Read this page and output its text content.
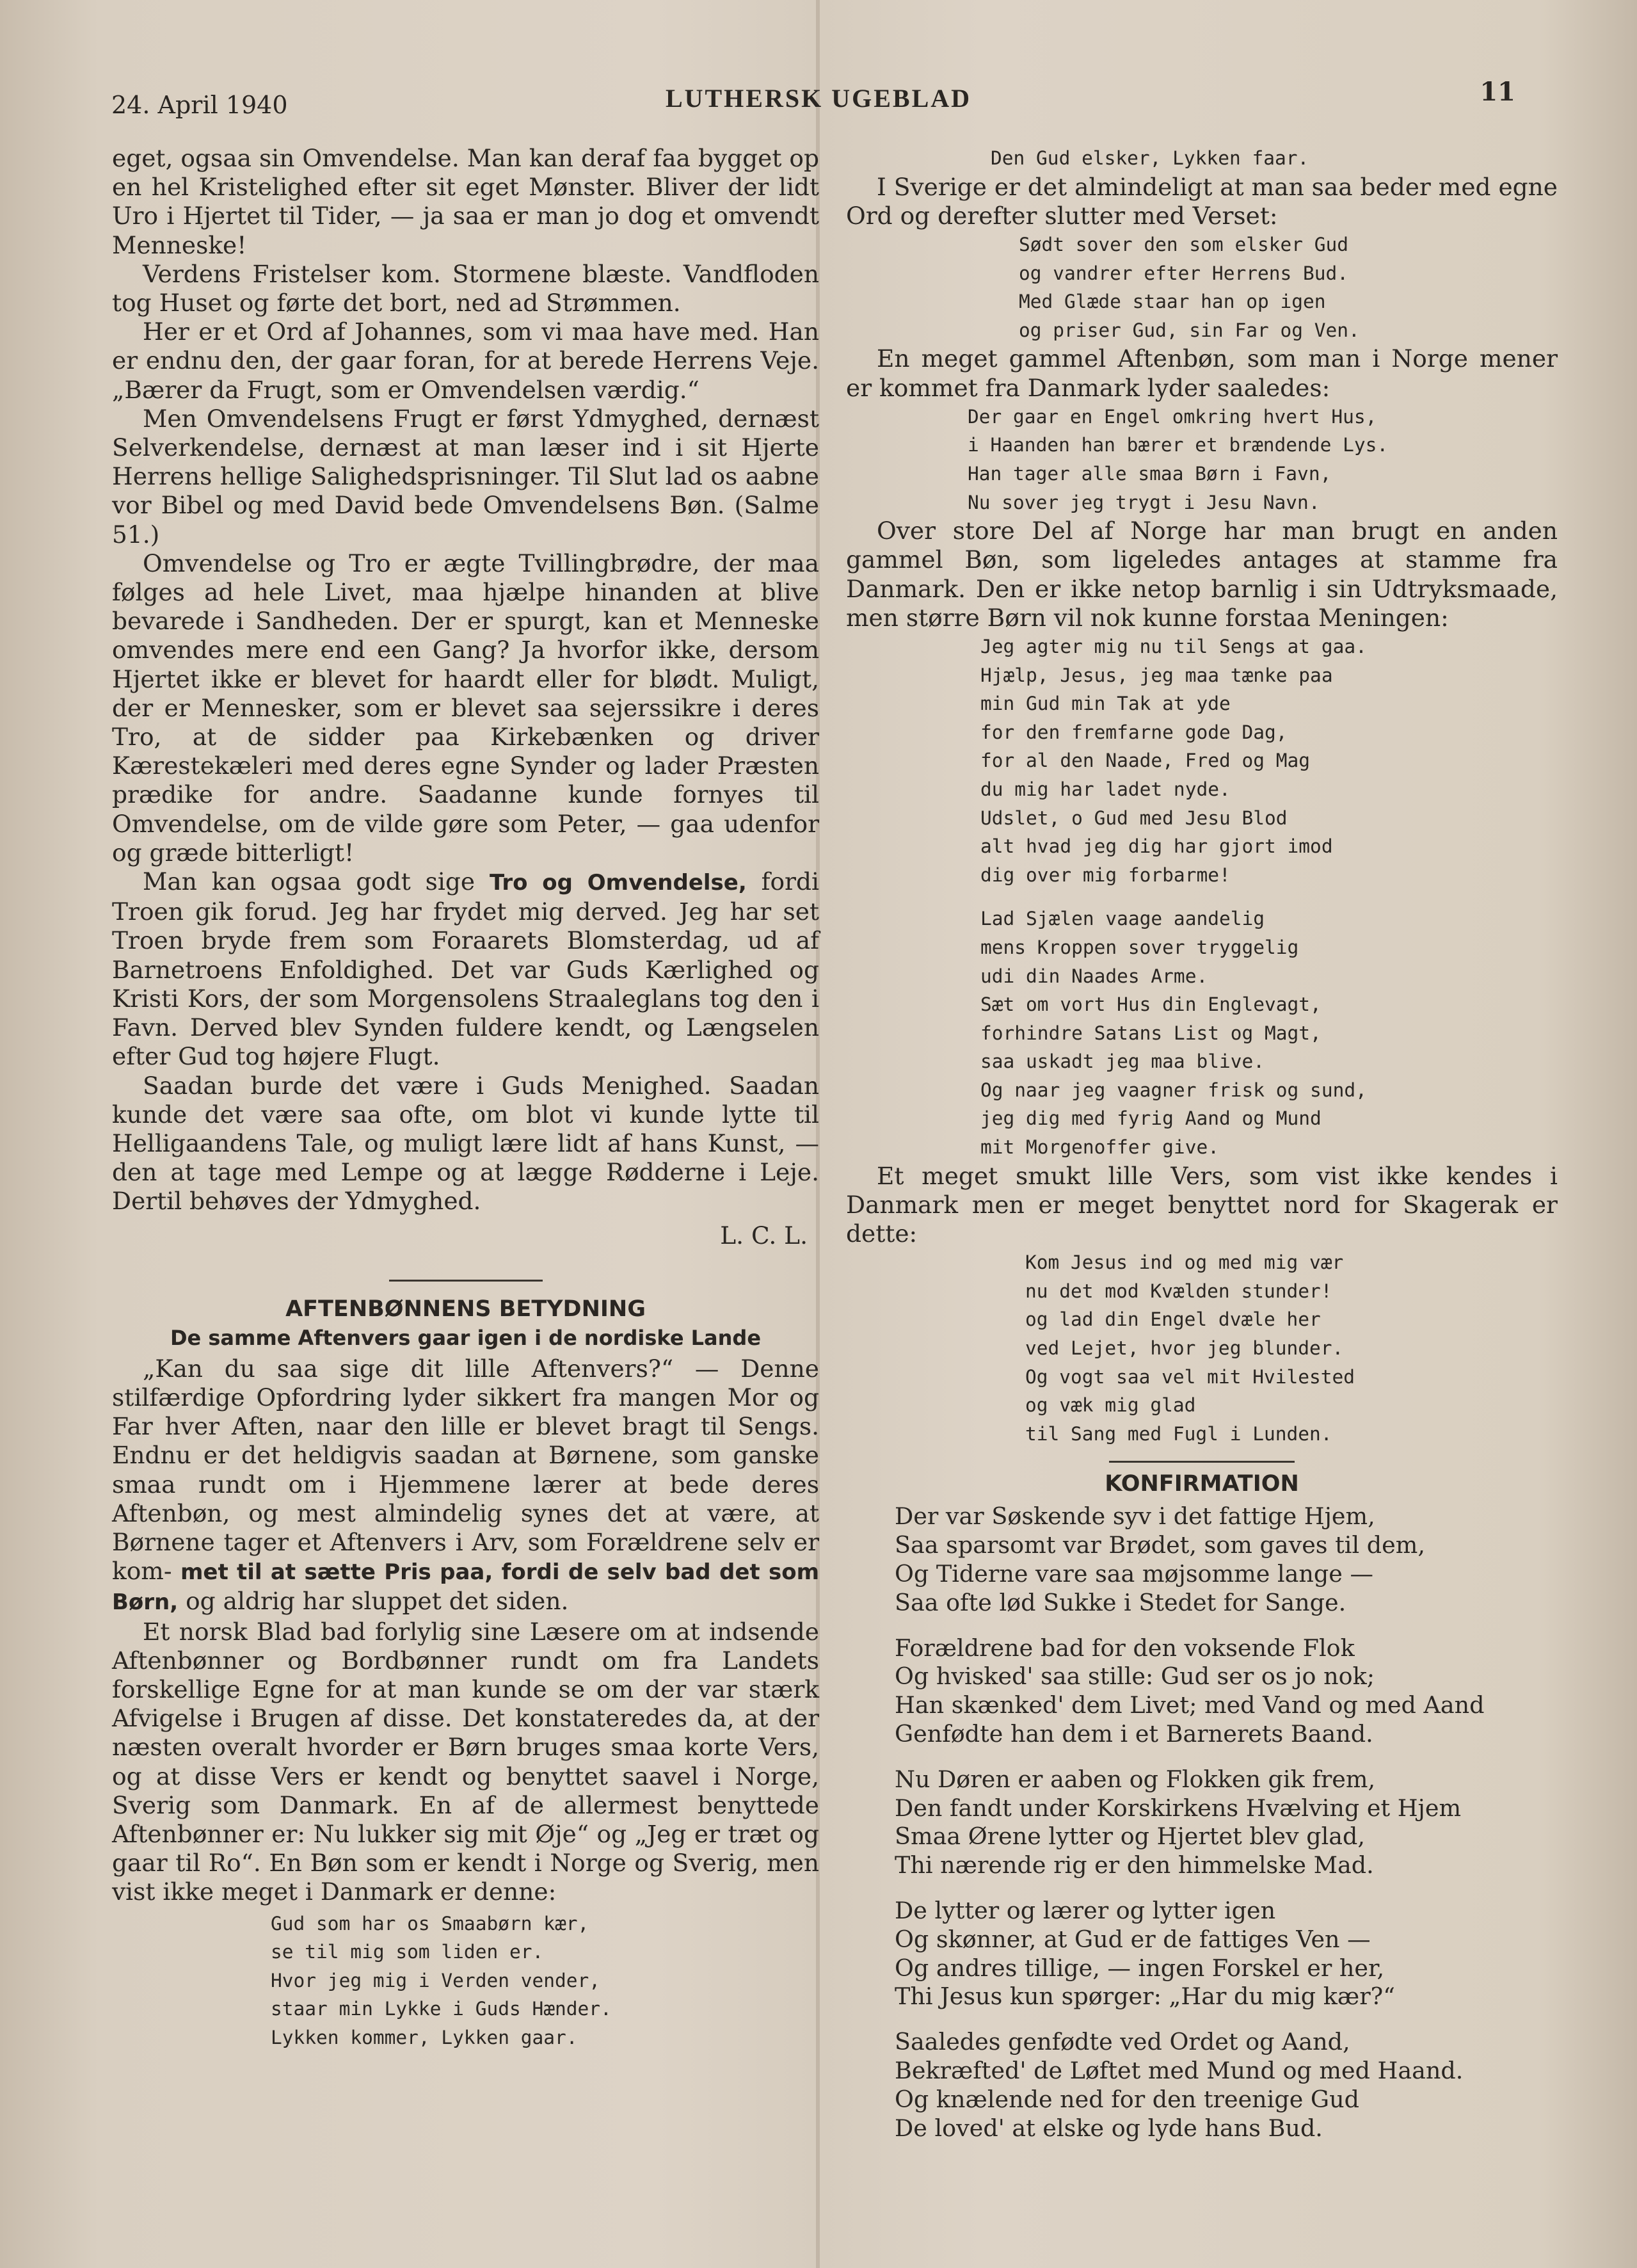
24. April 1940	LUTHERSK UGEBLAD	11

eget, ogsaa sin Omvendelse. Man kan deraf faa bygget op en hel Kristelighed efter sit eget Mønster. Bliver der lidt Uro i Hjertet til Tider, — ja saa er man jo dog et omvendt Menneske!

Verdens Fristelser kom. Stormene blæste. Vandfloden tog Huset og førte det bort, ned ad Strømmen.

Her er et Ord af Johannes, som vi maa have med. Han er endnu den, der gaar foran, for at berede Herrens Veje. „Bærer da Frugt, som er Omvendelsen værdig.“

Men Omvendelsens Frugt er først Ydmyghed, dernæst Selverkendelse, dernæst at man læser ind i sit Hjerte Herrens hellige Salighedsprisninger. Til Slut lad os aabne vor Bibel og med David bede Omvendelsens Bøn. (Salme 51.)

Omvendelse og Tro er ægte Tvillingbrødre, der maa følges ad hele Livet, maa hjælpe hinanden at blive bevarede i Sandheden. Der er spurgt, kan et Menneske omvendes mere end een Gang? Ja hvorfor ikke, dersom Hjertet ikke er blevet for haardt eller for blødt. Muligt, der er Mennesker, som er blevet saa sejerssikre i deres Tro, at de sidder paa Kirkebænken og driver Kærestekæleri med deres egne Synder og lader Præsten prædike for andre. Saadanne kunde fornyes til Omvendelse, om de vilde gøre som Peter, — gaa udenfor og græde bitterligt!

Man kan ogsaa godt sige Tro og Omvendelse, fordi Troen gik forud. Jeg har frydet mig derved. Jeg har set Troen bryde frem som Foraarets Blomsterdag, ud af Barnetroens Enfoldighed. Det var Guds Kærlighed og Kristi Kors, der som Morgensolens Straaleglans tog den i Favn. Derved blev Synden fuldere kendt, og Længselen efter Gud tog højere Flugt.

Saadan burde det være i Guds Menighed. Saadan kunde det være saa ofte, om blot vi kunde lytte til Helligaandens Tale, og muligt lære lidt af hans Kunst, — den at tage med Lempe og at lægge Rødderne i Leje. Dertil behøves der Ydmyghed.

L. C. L.

AFTENBØNNENS BETYDNING

De samme Aftenvers gaar igen i de nordiske Lande

„Kan du saa sige dit lille Aftenvers?“ — Denne stilfærdige Opfordring lyder sikkert fra mangen Mor og Far hver Aften, naar den lille er blevet bragt til Sengs. Endnu er det heldigvis saadan at Børnene, som ganske smaa rundt om i Hjemmene lærer at bede deres Aftenbøn, og mest almindelig synes det at være, at Børnene tager et Aftenvers i Arv, som Forældrene selv er kom- met til at sætte Pris paa, fordi de selv bad det som Børn, og aldrig har sluppet det siden.

Et norsk Blad bad forlylig sine Læsere om at indsende Aftenbønner og Bordbønner rundt om fra Landets forskellige Egne for at man kunde se om der var stærk Afvigelse i Brugen af disse. Det konstateredes da, at der næsten overalt hvorder er Børn bruges smaa korte Vers, og at disse Vers er kendt og benyttet saavel i Norge, Sverig som Danmark. En af de allermest benyttede Aftenbønner er: Nu lukker sig mit Øje“ og „Jeg er træt og gaar til Ro“. En Bøn som er kendt i Norge og Sverig, men vist ikke meget i Danmark er denne:

Gud som har os Smaabørn kær,

se til mig som liden er.

Hvor jeg mig i Verden vender,

staar min Lykke i Guds Hænder.

Lykken kommer, Lykken gaar.

Den Gud elsker, Lykken faar.

I Sverige er det almindeligt at man saa beder med egne Ord og derefter slutter med Verset:

Sødt sover den som elsker Gud

og vandrer efter Herrens Bud.

Med Glæde staar han op igen

og priser Gud, sin Far og Ven.

En meget gammel Aftenbøn, som man i Norge mener er kommet fra Danmark lyder saaledes:

Der gaar en Engel omkring hvert Hus,

i Haanden han bærer et brændende Lys.

Han tager alle smaa Børn i Favn,

Nu sover jeg trygt i Jesu Navn.

Over store Del af Norge har man brugt en anden gammel Bøn, som ligeledes antages at stamme fra Danmark. Den er ikke netop barnlig i sin Udtryksmaade, men større Børn vil nok kunne forstaa Meningen:

Jeg agter mig nu til Sengs at gaa.

Hjælp, Jesus, jeg maa tænke paa

min Gud min Tak at yde

for den fremfarne gode Dag,

for al den Naade, Fred og Mag

du mig har ladet nyde.

Udslet, o Gud med Jesu Blod

alt hvad jeg dig har gjort imod

dig over mig forbarme!

Lad Sjælen vaage aandelig

mens Kroppen sover tryggelig

udi din Naades Arme.

Sæt om vort Hus din Englevagt,

forhindre Satans List og Magt,

saa uskadt jeg maa blive.

Og naar jeg vaagner frisk og sund,

jeg dig med fyrig Aand og Mund

mit Morgenoffer give.

Et meget smukt lille Vers, som vist ikke kendes i Danmark men er meget benyttet nord for Skagerak er dette:

Kom Jesus ind og med mig vær

nu det mod Kvælden stunder!

og lad din Engel dvæle her

ved Lejet, hvor jeg blunder.

Og vogt saa vel mit Hvilested

og væk mig glad

til Sang med Fugl i Lunden.

KONFIRMATION

Der var Søskende syv i det fattige Hjem,
Saa sparsomt var Brødet, som gaves til dem,
Og Tiderne vare saa møjsomme lange —
Saa ofte lød Sukke i Stedet for Sange.
Forældrene bad for den voksende Flok
Og hvisked' saa stille: Gud ser os jo nok;
Han skænked' dem Livet; med Vand og med Aand
Genfødte han dem i et Barnerets Baand.
Nu Døren er aaben og Flokken gik frem,
Den fandt under Korskirkens Hvælving et Hjem
Smaa Ørene lytter og Hjertet blev glad,
Thi nærende rig er den himmelske Mad.
De lytter og lærer og lytter igen
Og skønner, at Gud er de fattiges Ven —
Og andres tillige, — ingen Forskel er her,
Thi Jesus kun spørger: „Har du mig kær?“
Saaledes genfødte ved Ordet og Aand,
Bekræfted' de Løftet med Mund og med Haand.
Og knælende ned for den treenige Gud
De loved' at elske og lyde hans Bud.
